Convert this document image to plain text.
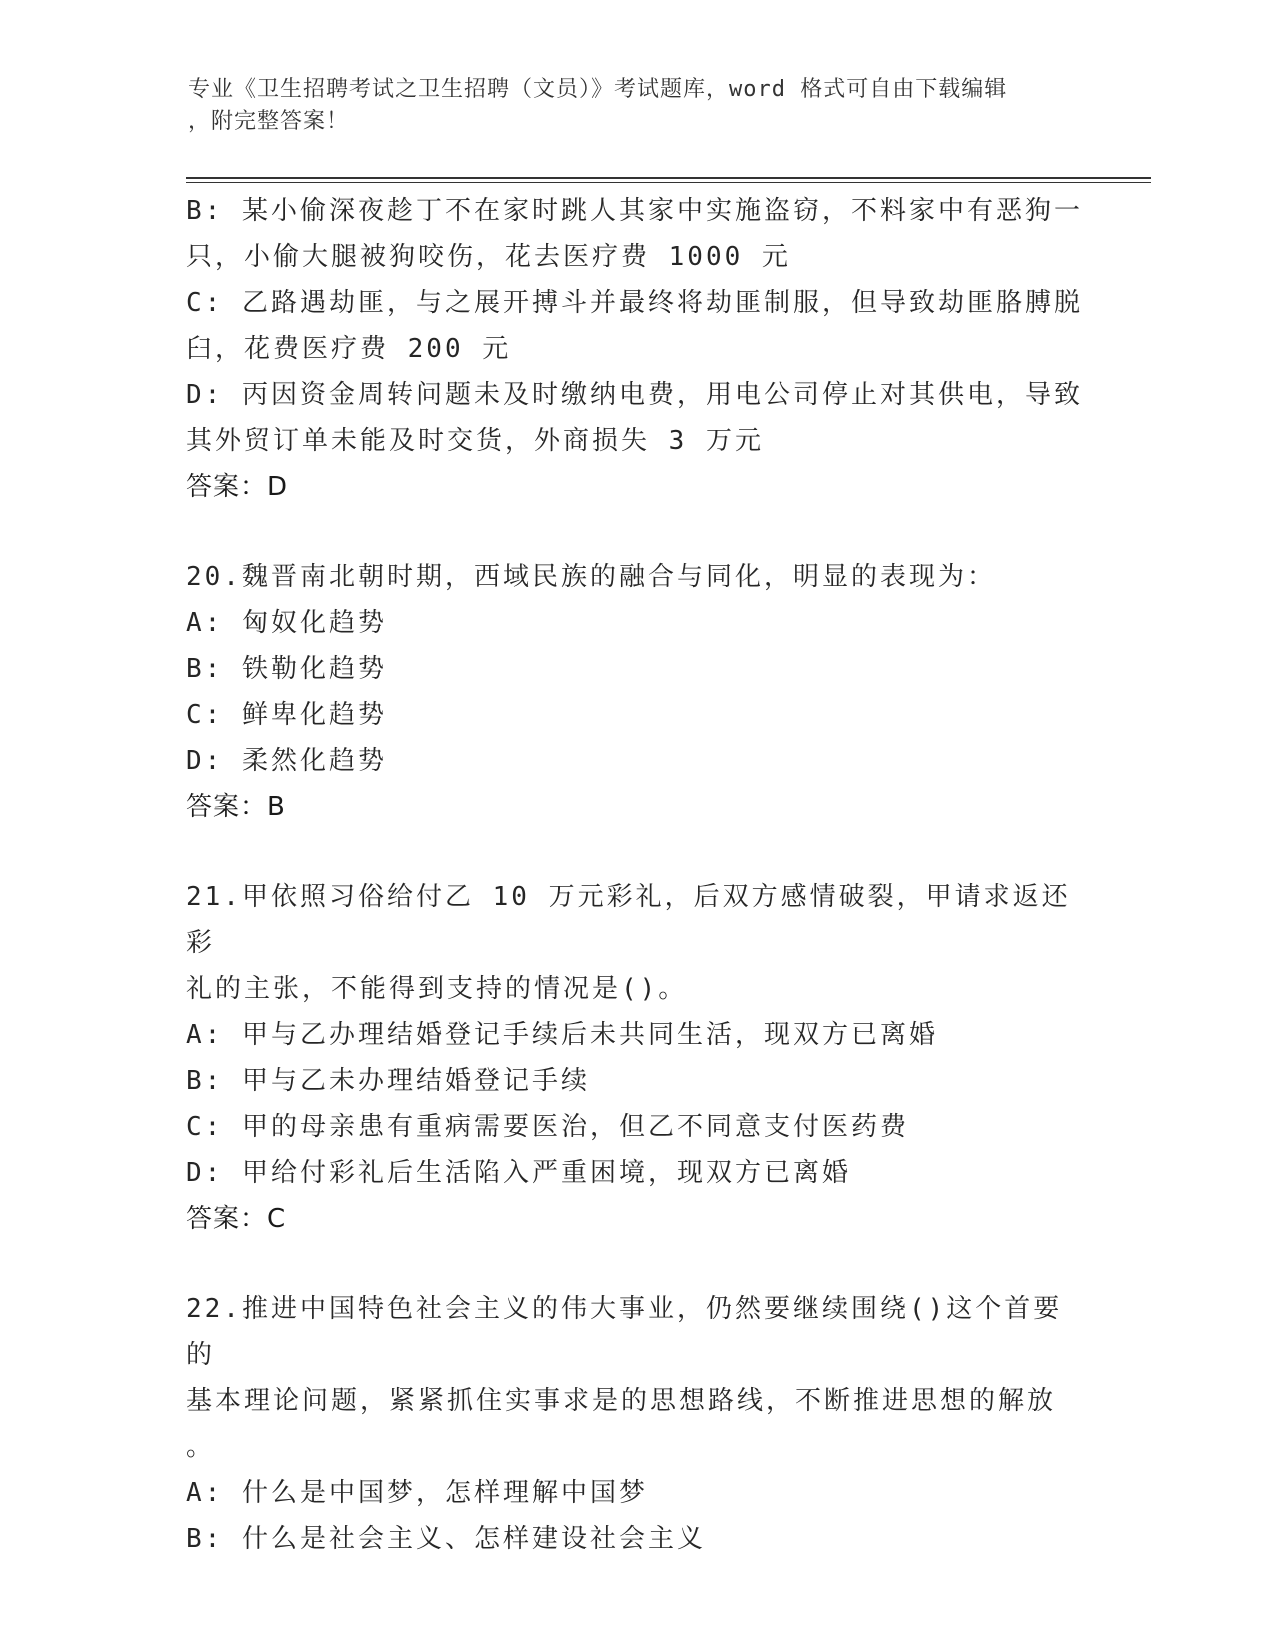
专业《卫生招聘考试之卫生招聘（文员）》考试题库，word 格式可自由下载编辑
，附完整答案！
B: 某小偷深夜趁丁不在家时跳人其家中实施盗窃，不料家中有恶狗一
只，小偷大腿被狗咬伤，花去医疗费 1000 元
C: 乙路遇劫匪，与之展开搏斗并最终将劫匪制服，但导致劫匪胳膊脱
臼，花费医疗费 200 元
D: 丙因资金周转问题未及时缴纳电费，用电公司停止对其供电，导致
其外贸订单未能及时交货，外商损失 3 万元
答案：D
20.魏晋南北朝时期，西域民族的融合与同化，明显的表现为：
A: 匈奴化趋势
B: 铁勒化趋势
C: 鲜卑化趋势
D: 柔然化趋势
答案：B
21.甲依照习俗给付乙 10 万元彩礼，后双方感情破裂，甲请求返还彩
礼的主张，不能得到支持的情况是()。
A: 甲与乙办理结婚登记手续后未共同生活，现双方已离婚
B: 甲与乙未办理结婚登记手续
C: 甲的母亲患有重病需要医治，但乙不同意支付医药费
D: 甲给付彩礼后生活陷入严重困境，现双方已离婚
答案：C
22.推进中国特色社会主义的伟大事业，仍然要继续围绕()这个首要的
基本理论问题，紧紧抓住实事求是的思想路线，不断推进思想的解放
。
A: 什么是中国梦，怎样理解中国梦
B: 什么是社会主义、怎样建设社会主义
